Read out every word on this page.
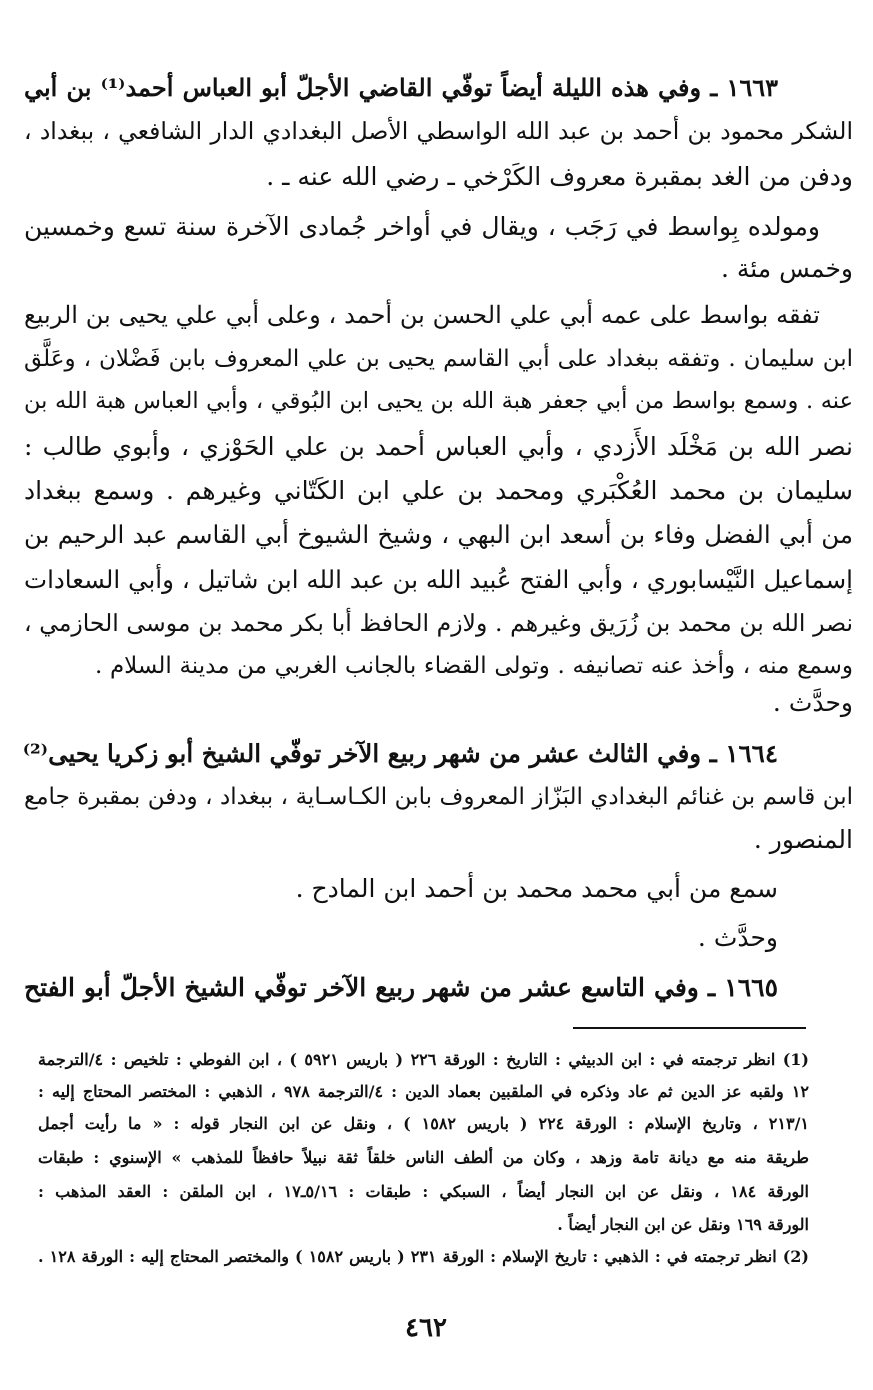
١٦٦٣ ـ وفي هذه الليلة أيضاً توفّي القاضي الأجلّ أبو العباس أحمد⁽¹⁾ بن أبي
الشكر محمود بن أحمد بن عبد الله الواسطي الأصل البغدادي الدار الشافعي ، ببغداد ،
ودفن من الغد بمقبرة معروف الكَرْخي ـ رضي الله عنه ـ .
ومولده بِواسط في رَجَب ، ويقال في أواخر جُمادى الآخرة سنة تسع وخمسين
وخمس مئة .
تفقه بواسط على عمه أبي علي الحسن بن أحمد ، وعلى أبي علي يحيى بن الربيع
ابن سليمان . وتفقه ببغداد على أبي القاسم يحيى بن علي المعروف بابن فَضْلان ، وعَلَّق
عنه . وسمع بواسط من أبي جعفر هبة الله بن يحيى ابن البُوقي ، وأبي العباس هبة الله بن
نصر الله بن مَخْلَد الأَزدي ، وأبي العباس أحمد بن علي الحَوْزي ، وأبوي طالب :
سليمان بن محمد العُكْبَري ومحمد بن علي ابن الكَتّاني وغيرهم . وسمع ببغداد
من أبي الفضل وفاء بن أسعد ابن البهي ، وشيخ الشيوخ أبي القاسم عبد الرحيم بن
إسماعيل النَّيْسابوري ، وأبي الفتح عُبيد الله بن عبد الله ابن شاتيل ، وأبي السعادات
نصر الله بن محمد بن زُرَيق وغيرهم . ولازم الحافظ أبا بكر محمد بن موسى الحازمي ،
وسمع منه ، وأخذ عنه تصانيفه . وتولى القضاء بالجانب الغربي من مدينة السلام .
وحدَّث .
١٦٦٤ ـ وفي الثالث عشر من شهر ربيع الآخر توفّي الشيخ أبو زكريا يحيى⁽²⁾
ابن قاسم بن غنائم البغدادي البَزّاز المعروف بابن الكـاسـاية ، ببغداد ، ودفن بمقبرة جامع
المنصور .
سمع من أبي محمد محمد بن أحمد ابن المادح .
وحدَّث .
١٦٦٥ ـ وفي التاسع عشر من شهر ربيع الآخر توفّي الشيخ الأجلّ أبو الفتح
(1) انظر ترجمته في : ابن الدبيثي : التاريخ : الورقة ٢٢٦ ( باريس ٥٩٢١ ) ، ابن الفوطي : تلخيص : ٤/الترجمة
١٢ ولقبه عز الدين ثم عاد وذكره في الملقبين بعماد الدين : ٤/الترجمة ٩٧٨ ، الذهبي : المختصر المحتاج إليه :
٢١٣/١ ، وتاريخ الإسلام : الورقة ٢٢٤ ( باريس ١٥٨٢ ) ، ونقل عن ابن النجار قوله : « ما رأيت أجمل
طريقة منه مع ديانة تامة وزهد ، وكان من ألطف الناس خلقاً ثقة نبيلاً حافظاً للمذهب » الإسنوي : طبقات
الورقة ١٨٤ ، ونقل عن ابن النجار أيضاً ، السبكي : طبقات : ٥/١٦ـ١٧ ، ابن الملقن : العقد المذهب :
الورقة ١٦٩ ونقل عن ابن النجار أيضاً .
(2) انظر ترجمته في : الذهبي : تاريخ الإسلام : الورقة ٢٣١ ( باريس ١٥٨٢ ) والمختصر المحتاج إليه : الورقة ١٢٨ .
٤٦٢
